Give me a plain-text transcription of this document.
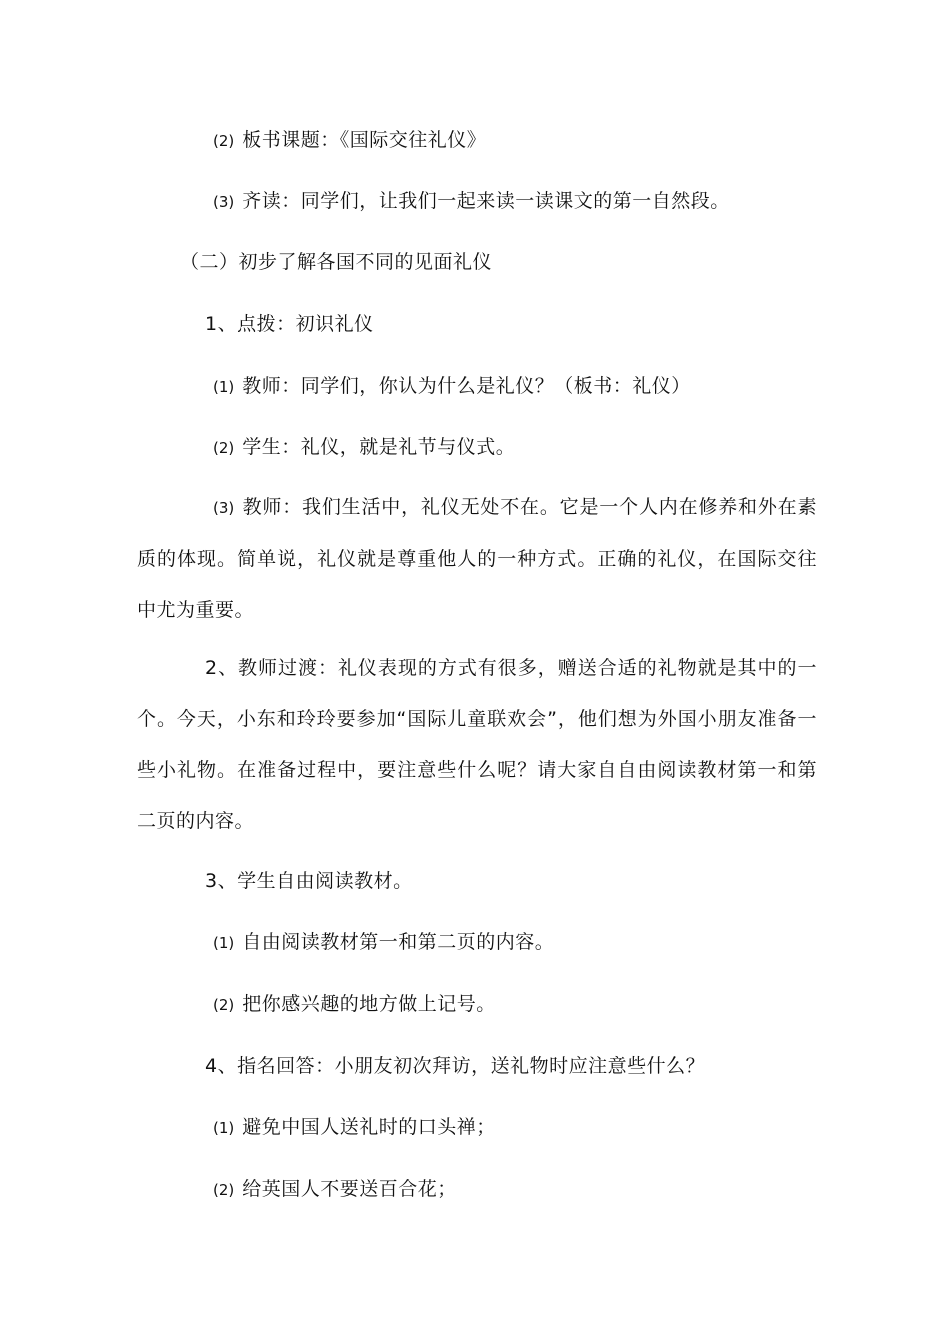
(2) 板书课题：《国际交往礼仪》
(3) 齐读：同学们，让我们一起来读一读课文的第一自然段。
（二）初步了解各国不同的见面礼仪
1、点拨：初识礼仪
(1) 教师：同学们，你认为什么是礼仪？（板书：礼仪）
(2) 学生：礼仪，就是礼节与仪式。

(3) 教师：我们生活中，礼仪无处不在。它是一个人内在修养和外在素质的体现。简单说，礼仪就是尊重他人的一种方式。正确的礼仪，在国际交往中尤为重要。

2、教师过渡：礼仪表现的方式有很多，赠送合适的礼物就是其中的一个。今天，小东和玲玲要参加“国际儿童联欢会”，他们想为外国小朋友准备一些小礼物。在准备过程中，要注意些什么呢？请大家自自由阅读教材第一和第二页的内容。

3、学生自由阅读教材。
(1) 自由阅读教材第一和第二页的内容。
(2) 把你感兴趣的地方做上记号。
4、指名回答：小朋友初次拜访，送礼物时应注意些什么？
(1) 避免中国人送礼时的口头禅；
(2) 给英国人不要送百合花；
